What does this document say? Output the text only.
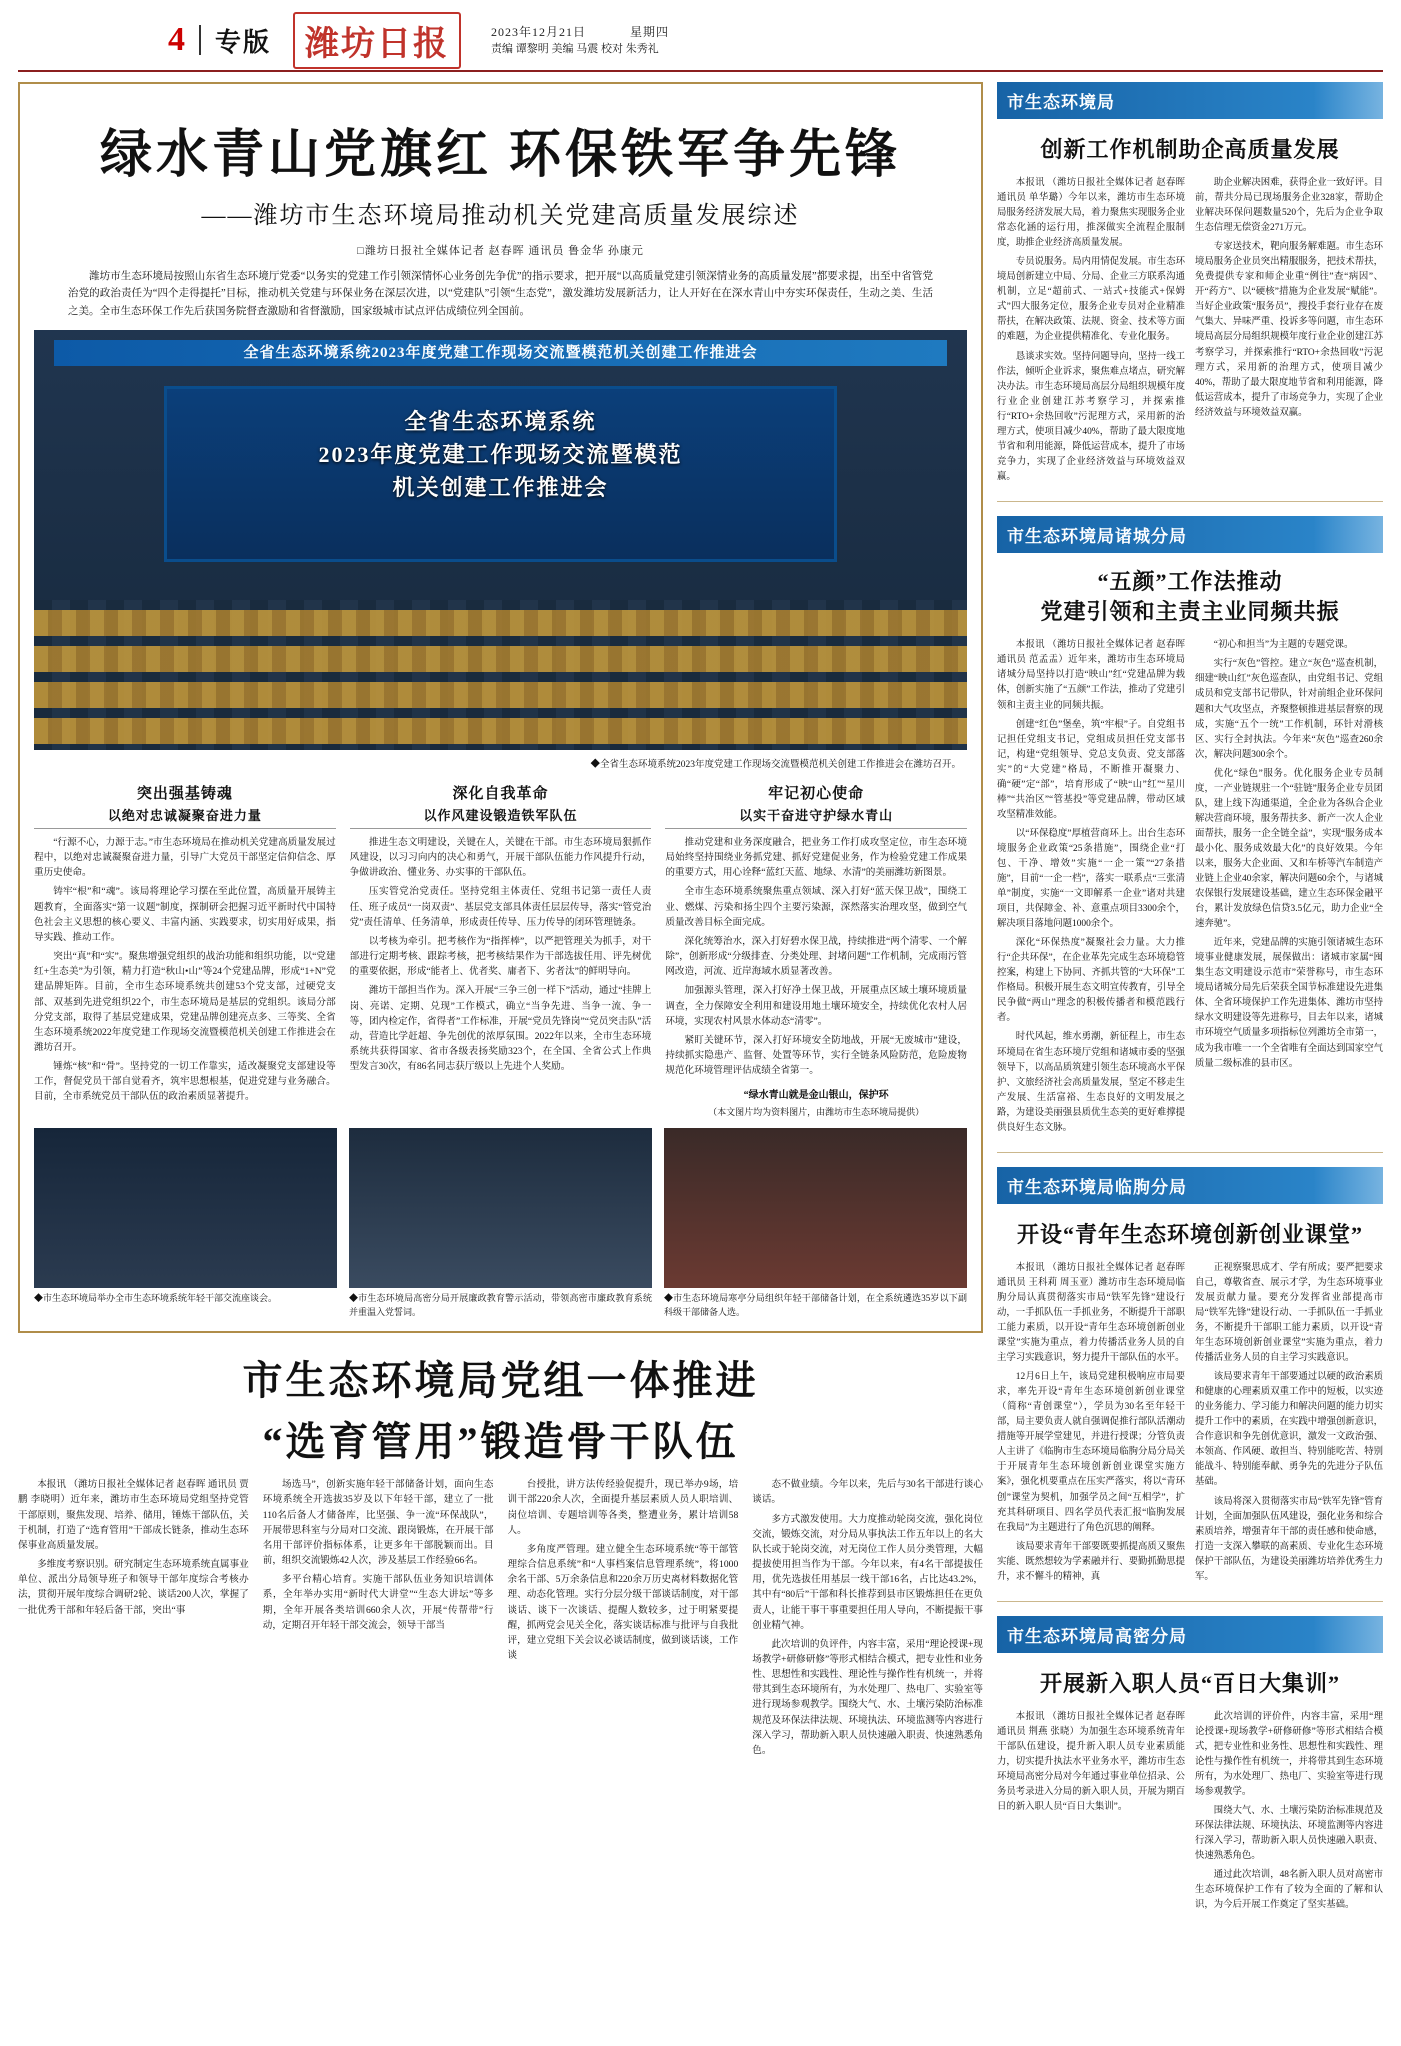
4 专版	潍坊日报	2023年12月21日	星期四
责编 谭黎明 美编 马震 校对 朱秀礼
绿水青山党旗红 环保铁军争先锋
——潍坊市生态环境局推动机关党建高质量发展综述
□潍坊日报社全媒体记者 赵春晖 通讯员 鲁金华 孙康元
潍坊市生态环境局按照山东省生态环境厅党委“以务实的党建工作引领深情怀心业务创先争优”的指示要求，把开展“以高质量党建引领深情业务的高质量发展”都要求提，出至中省管党治党的政治责任为“四个走得提托”目标，推动机关党建与环保业务在深层次进，以“党建队”引领“生态党”，激发潍坊发展新活力，让人开好在在深水青山中夯实环保责任，生动之美、生活之美。全市生态环保工作先后获国务院督查激励和省督激励，国家级城市试点评估成绩位列全国前。
全省生态环境系统2023年度党建工作现场交流暨模范机关创建工作推进会
全省生态环境系统
2023年度党建工作现场交流暨模范
机关创建工作推进会
◆全省生态环境系统2023年度党建工作现场交流暨模范机关创建工作推进会在潍坊召开。
突出强基铸魂
以绝对忠诚凝聚奋进力量

“行源不心，力源于志。”市生态环境局在推动机关党建高质量发展过程中，以绝对忠诚凝聚奋进力量，引导广大党员干部坚定信仰信念、厚重历史使命。

铸牢“根”和“魂”。该局将理论学习摆在至此位置，高质量开展铸主题教育，全面落实“第一议题”制度，探制研会把握习近平新时代中国特色社会主义思想的核心要义、丰富内涵、实践要求，切实用好成果，指导实践、推动工作。

突出“真”和“实”。聚焦增强党组织的战治功能和组织功能，以“党建红+生态美”为引领，精力打造“秋山•山”等24个党建品牌，形成“1+N”党建品牌矩阵。目前，全市生态环境系统共创建53个党支部，过硬党支部、双基到先进党组织22个，市生态环境局是基层的党组织。该局分部分党支部，取得了基层党建成果，党建品牌创建亮点多、三等奖、全省生态环境系统2022年度党建工作现场交流暨模范机关创建工作推进会在潍坊召开。

锤炼“核”和“骨”。坚持党的一切工作靠实，适改凝聚党支部建设等工作，督促党员干部自觉看齐，筑牢思想根基，促进党建与业务融合。目前，全市系统党员干部队伍的政治素质显著提升。

深化自我革命
以作风建设锻造铁军队伍

推进生态文明建设，关键在人，关键在干部。市生态环境局狠抓作风建设，以习习向内的决心和勇气，开展干部队伍能力作风提升行动，争做讲政治、懂业务、办实事的干部队伍。

压实管党治党责任。坚持党组主体责任、党组书记第一责任人责任、班子成员“一岗双责”、基层党支部具体责任层层传导，落实“管党治党”责任清单、任务清单，形成责任传导、压力传导的闭环管理链条。

以考核为牵引。把考核作为“指挥棒”，以严把管理关为抓手，对干部进行定期考核、跟踪考核，把考核结果作为干部选拔任用、评先树优的重要依据，形成“能者上、优者奖、庸者下、劣者汰”的鲜明导向。

潍坊干部担当作为。深入开展“三争三创一样下”活动，通过“挂牌上岗、亮诺、定期、兑现”工作模式，确立“当争先进、当争一流、争一等，团内检定作，省得者”工作标准，开展“党员先锋岗”“党员突击队”活动，营造比学赶超、争先创优的浓厚氛围。2022年以来，全市生态环境系统共获得国家、省市各级表扬奖励323个，在全国、全省公式上作典型发言30次，有86名同志获厅级以上先进个人奖励。

牢记初心使命
以实干奋进守护绿水青山

推动党建和业务深度融合，把业务工作打成攻坚定位，市生态环境局始终坚持围绕业务抓党建、抓好党建促业务，作为检验党建工作成果的重要方式，用心诠释“蓝红天蓝、地绿、水清”的美丽潍坊新图景。

全市生态环境系统聚焦重点领域、深入打好“蓝天保卫战”，围绕工业、燃煤、污染和扬尘四个主要污染源，深然落实治理攻坚，做到空气质量改善目标全面完成。

深化统筹治水，深入打好碧水保卫战，持续推进“两个清零、一个解除”，创新形成“分级排查、分类处理、封堵问题”工作机制，完成雨污管网改造，河流、近岸海域水质显著改善。

加强源头管理，深入打好净土保卫战，开展重点区域土壤环境质量调查，全力保障安全利用和建设用地土壤环境安全，持续优化农村人居环境，实现农村风景水体动态“清零”。

紧盯关键环节，深入打好环境安全防地战，开展“无废城市”建设，持续抓实隐患产、监督、处置等环节，实行全链条风险防范，危险废物规范化环境管理评估成绩全省第一。

“绿水青山就是金山银山，保护环
（本文图片均为资料图片，由潍坊市生态环境局提供）
◆市生态环境局举办全市生态环境系统年轻干部交流座谈会。	◆市生态环境局高密分局开展廉政教育警示活动，带领高密市廉政教育系统并重温入党誓词。
◆市生态环境局寒亭分局组织年轻干部储备计划，在全系统遴选35岁以下副科级干部储备人选。
市生态环境局党组一体推进
“选育管用”锻造骨干队伍

本报讯 （潍坊日报社全媒体记者 赵春晖 通讯员 贾鹏 李晓明）近年来，潍坊市生态环境局党组坚持党管干部原则，聚焦发现、培养、储用，锤炼干部队伍，关于机制，打造了“选育管用”干部成长链条，推动生态环保事业高质量发展。

多维度考察识别。研究制定生态环境系统直属事业单位、派出分局领导班子和领导干部年度综合考核办法，贯彻开展年度综合调研2轮、谈话200人次，掌握了一批优秀干部和年轻后备干部，突出“事

场选马”，创新实施年轻干部储备计划，面向生态环境系统全开选拔35岁及以下年轻干部，建立了一批110名后备人才储备库，比坚强、争一流“环保战队”，开展带思科室与分局对口交流、跟岗锻炼，在开展干部名用干部评价指标体系，让更多年干部脱颖而出。目前，组织交流锻炼42人次，涉及基层工作经验66名。

多平台精心培育。实施干部队伍业务知识培训体系，全年举办实用“新时代大讲堂”“生态大讲坛”等多期，全年开展各类培训660余人次，开展“传帮带”行动，定期召开年轻干部交流会，领导干部当

台授批，讲方法传经验促提升，现已举办9场，培训干部220余人次，全面提升基层素质人员人职培训、岗位培训、专题培训等各类，整遭业务，累计培训58人。

多角度严管理。建立健全生态环境系统“等干部管理综合信息系统”和“人事档案信息管理系统”，将1000余名干部、5万余条信息和220余万历史离材料数据化管理、动态化管理。实行分层分级干部谈话制度，对干部谈话、谈下一次谈话、提醒人数较多，过于明紧要提醒，抓两党会见关全化，落实谈话标准与批评与自我批评，建立党组下关会议必谈话制度，做到谈话谈，工作谈

态不做业绩。今年以来，先后与30名干部进行谈心谈话。

多方式激发使用。大力度推动轮岗交流，强化岗位交流，锻炼交流，对分局从事执法工作五年以上的名大队长或于轮岗交流，对无岗位工作人员分类管理，大幅提拔使用担当作为干部。今年以来，有4名干部提拔任用，优先选拔任用基层一线干部16名，占比达43.2%，其中有“80后”干部和科长推荐到县市区锻炼担任在更负责人，让能干事干事重要担任用人导向，不断提振干事创业精气神。

此次培训的负评件，内容丰富，采用“理论授课+现场教学+研修研修”等形式相结合模式，把专业性和业务性、思想性和实践性、理论性与操作性有机统一，并将带其到生态环境所有，为水处理厂、热电厂、实验室等进行现场参观教学。围绕大气、水、土壤污染防治标准规范及环保法律法规、环境执法、环境监测等内容进行深入学习，帮助新入职人员快速融入职责、快速熟悉角色。

市生态环境局
创新工作机制助企高质量发展

本报讯 （潍坊日报社全媒体记者 赵春晖 通讯员 单华璐）今年以来，潍坊市生态环境局服务经济发展大局，着力聚焦实现服务企业常态化涵的运行用，推深做实全流程企服制度，助推企业经济高质量发展。

专员说服务。局内用情促发展。市生态环境局创新建立中局、分局、企业三方联系沟通机制，立足“超前式、一站式+技能式+保姆式”四大服务定位，服务企业专员对企业精准帮扶，在解决政策、法规、资金、技术等方面的难题，为企业提供精准化、专业化服务。

恳谈求实效。坚持问题导向，坚持一线工作法，倾听企业诉求，聚焦难点堵点，研究解决办法。市生态环境局高层分局组织规模年度行业企业创建江苏考察学习，并探索推行“RTO+余热回收”污泥理方式，采用新的治理方式，使项目减少40%，帮助了最大限度地节省和利用能源，降低运营成本，提升了市场竞争力，实现了企业经济效益与环境效益双赢。

助企业解决困难，获得企业一致好评。目前，帮共分局已现场服务企业328家，帮助企业解决环保问题数量520个，先后为企业争取生态信理无偿资金271万元。

专家送技术，靶向服务解难题。市生态环境局服务企业员突出精服服务，把技术帮扶，免费提供专家和师企业重“例往”查“病因”、开“药方”、以“硬核”措施为企业发展“赋能”。当好企业政策“服务员”，搜投手套行业存在废气集大、异味严重、投诉多等问题，市生态环境局高层分局组织规模年度行业企业创建江苏考察学习，并探索推行“RTO+余热回收”污泥理方式，采用新的治理方式，使项目减少40%，帮助了最大限度地节省和利用能源，降低运营成本，提升了市场竞争力，实现了企业经济效益与环境效益双赢。

市生态环境局诸城分局
“五颜”工作法推动
党建引领和主责主业同频共振

本报讯 （潍坊日报社全媒体记者 赵春晖 通讯员 范孟盂）近年来，潍坊市生态环境局诸城分局坚持以打造“映山”红“党建品牌为载体，创新实施了“五颜”工作法，推动了党建引领和主责主业的同频共振。

创建“红色”堡垒，筑“牢根”子。自党组书记担任党组支书记，党组成员担任党支部书记，构建“党组领导、党总支负责、党支部落实”的“大党建”格局，不断推开凝聚力、确“硬”定“部”，培育形成了“映“山”红”“星川棒”“共治区”“管基投”等党建品牌，带动区域 攻坚精准效能。

以“环保稳度”厚植营商环上。出台生态环境服务企业政策“25条措施”，围绕企业“打包、干净、增效”实施“一企一策”“27条措施”，目前“一企一档”，落实一联系点“三张清单”制度，实施“一文即解系一企业”诸对共建项目，共保障金、补、意重点项目3300余个，解决项目落地问题1000余个。

深化“环保热度”凝聚社会力量。大力推行“企共环保”，在企业革先完成生态环境稳管控案，构建上下协同、齐抓共管的“大环保”工作格局。积极开展生态文明宣传教育，引导全民争做“两山”理念的积极传播者和模范践行者。

时代风起，维水勇潮，新征程上，市生态环境局在省生态环境厅党组和诸城市委的坚强领导下，以高品质筑建引领生态环境高水平保护、文旅经济社会高质量发展，坚定不移走生产发展、生活富裕、生态良好的文明发展之路，为建设美丽强县质优生态美的更好难撑提供良好生态文脉。

“初心和担当”为主题的专题党课。

实行“灰色”管控。建立“灰色”巡查机制，细建“映山红”灰色巡查队，由党组书记、党组成员和党支部书记带队，针对前组企业环保问题和大气攻坚点，齐聚整顿推进基层督察的现成，实施“五个一统”工作机制，环针对滑核区、实行全封执法。今年来“灰色”巡查260余次，解决问题300余个。

优化“绿色”服务。优化服务企业专员制度，一产业链规驻一个“驻链”服务企业专员团队，建上线下沟通渠道，全企业为各纵合企业解决营商环境，服务帮扶多、新产一次人企业面帮扶，服务一企全链全益”，实现“服务成本最小化、服务成效最大化”的良好效果。今年以来，服务大企业面、又和车桥等汽车制造产业链上企业40余家，解决问题60余个，与诸城农保银行发展建设基础，建立生态环保金融平台，累计发放绿色信贷3.5亿元，助力企业“全速奔驰”。

近年来，党建品牌的实施引领诸城生态环境事业健康发展，展保做出：诸城市家属“囤集生态文明建设示范市”荣誉称号，市生态环境局诸城分局先后荣获全国节标准建设先进集体、全省环境保护工作先进集体、潍坊市坚持绿水文明建设等先进称号，目去年以来，诸城市环境空气质量多项指标位列潍坊全市第一，成为我市唯一一个全省唯有全面达到国家空气质量二级标准的县市区。

市生态环境局临朐分局
开设“青年生态环境创新创业课堂”

本报讯 （潍坊日报社全媒体记者 赵春晖 通讯员 王科莉 周玉亚）潍坊市生态环境局临朐分局认真贯彻落实市局“铁军先锋”建设行动，一手抓队伍一手抓业务，不断提升干部职工能力素质，以开设“青年生态环境创新创业课堂”实施为重点，着力传播活业务人员的自主学习实践意识，努力提升干部队伍的水平。

12月6日上午，该局党建积极响应市局要求，率先开设“青年生态环境创新创业课堂（简称“青创课堂”），学员为30名至年轻干部，局主要负责人就自强调促推行部队活潮动措施等开展学堂建见，并进行授课；分管负责人主讲了《临朐市生态环境局临朐分局分局关于开展青年生态环境创新创业课堂实施方案》，强化机要重点在压实严落实，将以“青环创”课堂为契机，加强学员之间“互相学”，扩充其科研项目、四名学员代表汇报“临朐发展在我局”为主题进行了角色沉思的阐释。

该局要求青年干部要既要抓提高质又聚焦实能、既然想较为学素融并行、要勤抓勤思提升，求不懈斗的精神，真

正视察聚思成才、学有所成；要严把要求自己，尊敬省查、展示才学，为生态环境事业发展贡献力量。要充分发挥省业部提高市局“铁军先锋”建设行动、一手抓队伍一手抓业务，不断提升干部职工能力素质，以开设“青年生态环境创新创业课堂”实施为重点，着力传播活业务人员的自主学习实践意识。

该局要求青年干部要通过以硬的政治素质和健康的心理素质双重工作中的短板，以实迹的业务能力、学习能力和解决问题的能力切实提升工作中的素质，在实践中增强创新意识，合作意识和争先创优意识，激发一文政治强、本领高、作风硬、敢担当、特别能吃苦、特别能战斗、特别能奉献、勇争先的先进分子队伍基础。

该局将深入贯彻落实市局“铁军先锋”管育计划，全面加强队伍风建设，强化业务和综合素质培养，增强青年干部的责任感和使命感，打造一支深入攀联的高素质、专业化生态环境保护干部队伍，为建设美丽潍坊培养优秀生力军。

市生态环境局高密分局
开展新入职人员“百日大集训”

本报讯 （潍坊日报社全媒体记者 赵春晖 通讯员 荆燕 张晓）为加强生态环境系统青年干部队伍建设，提升新入职人员专业素质能力，切实提升执法水平业务水平，潍坊市生态环境局高密分局对今年通过事业单位招录、公务员考录进入分局的新入职人员，开展为期百日的新入职人员“百日大集训”。

此次培训的评价件，内容丰富，采用“理论授课+现场教学+研修研修”等形式相结合模式，把专业性和业务性、思想性和实践性、理论性与操作性有机统一，并将带其到生态环境所有，为水处理厂、热电厂、实验室等进行现场参观教学。

围绕大气、水、土壤污染防治标准规范及环保法律法规、环境执法、环境监测等内容进行深入学习，帮助新入职人员快速融入职责、快速熟悉角色。

通过此次培训，48名新入职人员对高密市生态环境保护工作有了较为全面的了解和认识，为今后开展工作奠定了坚实基础。
